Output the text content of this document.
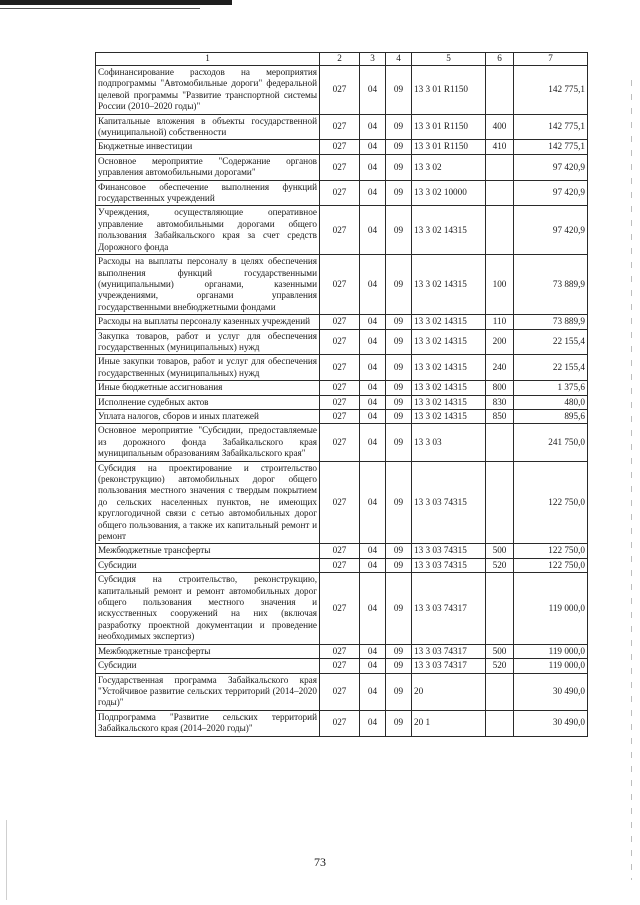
1	2	3	4	5	6	7
Софинансирование расходов на мероприятия подпрограммы "Автомобильные дороги" федеральной целевой программы "Развитие транспортной системы России (2010–2020 годы)"	027	04	09	13 3 01 R1150		142 775,1
Капитальные вложения в объекты государственной (муниципальной) собственности	027	04	09	13 3 01 R1150	400	142 775,1
Бюджетные инвестиции	027	04	09	13 3 01 R1150	410	142 775,1
Основное мероприятие "Содержание органов управления автомобильными дорогами"	027	04	09	13 3 02		97 420,9
Финансовое обеспечение выполнения функций государственных учреждений	027	04	09	13 3 02 10000		97 420,9
Учреждения, осуществляющие оперативное управление автомобильными дорогами общего пользования Забайкальского края за счет средств Дорожного фонда	027	04	09	13 3 02 14315		97 420,9
Расходы на выплаты персоналу в целях обеспечения выполнения функций государственными (муниципальными) органами, казенными учреждениями, органами управления государственными внебюджетными фондами	027	04	09	13 3 02 14315	100	73 889,9
Расходы на выплаты персоналу казенных учреждений	027	04	09	13 3 02 14315	110	73 889,9
Закупка товаров, работ и услуг для обеспечения государственных (муниципальных) нужд	027	04	09	13 3 02 14315	200	22 155,4
Иные закупки товаров, работ и услуг для обеспечения государственных (муниципальных) нужд	027	04	09	13 3 02 14315	240	22 155,4
Иные бюджетные ассигнования	027	04	09	13 3 02 14315	800	1 375,6
Исполнение судебных актов	027	04	09	13 3 02 14315	830	480,0
Уплата налогов, сборов и иных платежей	027	04	09	13 3 02 14315	850	895,6
Основное мероприятие "Субсидии, предоставляемые из дорожного фонда Забайкальского края муниципальным образованиям Забайкальского края"	027	04	09	13 3 03		241 750,0
Субсидия на проектирование и строительство (реконструкцию) автомобильных дорог общего пользования местного значения с твердым покрытием до сельских населенных пунктов, не имеющих круглогодичной связи с сетью автомобильных дорог общего пользования, а также их капитальный ремонт и ремонт	027	04	09	13 3 03 74315		122 750,0
Межбюджетные трансферты	027	04	09	13 3 03 74315	500	122 750,0
Субсидии	027	04	09	13 3 03 74315	520	122 750,0
Субсидия на строительство, реконструкцию, капитальный ремонт и ремонт автомобильных дорог общего пользования местного значения и искусственных сооружений на них (включая разработку проектной документации и проведение необходимых экспертиз)	027	04	09	13 3 03 74317		119 000,0
Межбюджетные трансферты	027	04	09	13 3 03 74317	500	119 000,0
Субсидии	027	04	09	13 3 03 74317	520	119 000,0
Государственная программа Забайкальского края "Устойчивое развитие сельских территорий (2014–2020 годы)"	027	04	09	20		30 490,0
Подпрограмма "Развитие сельских территорий Забайкальского края (2014–2020 годы)"	027	04	09	20 1		30 490,0
73
